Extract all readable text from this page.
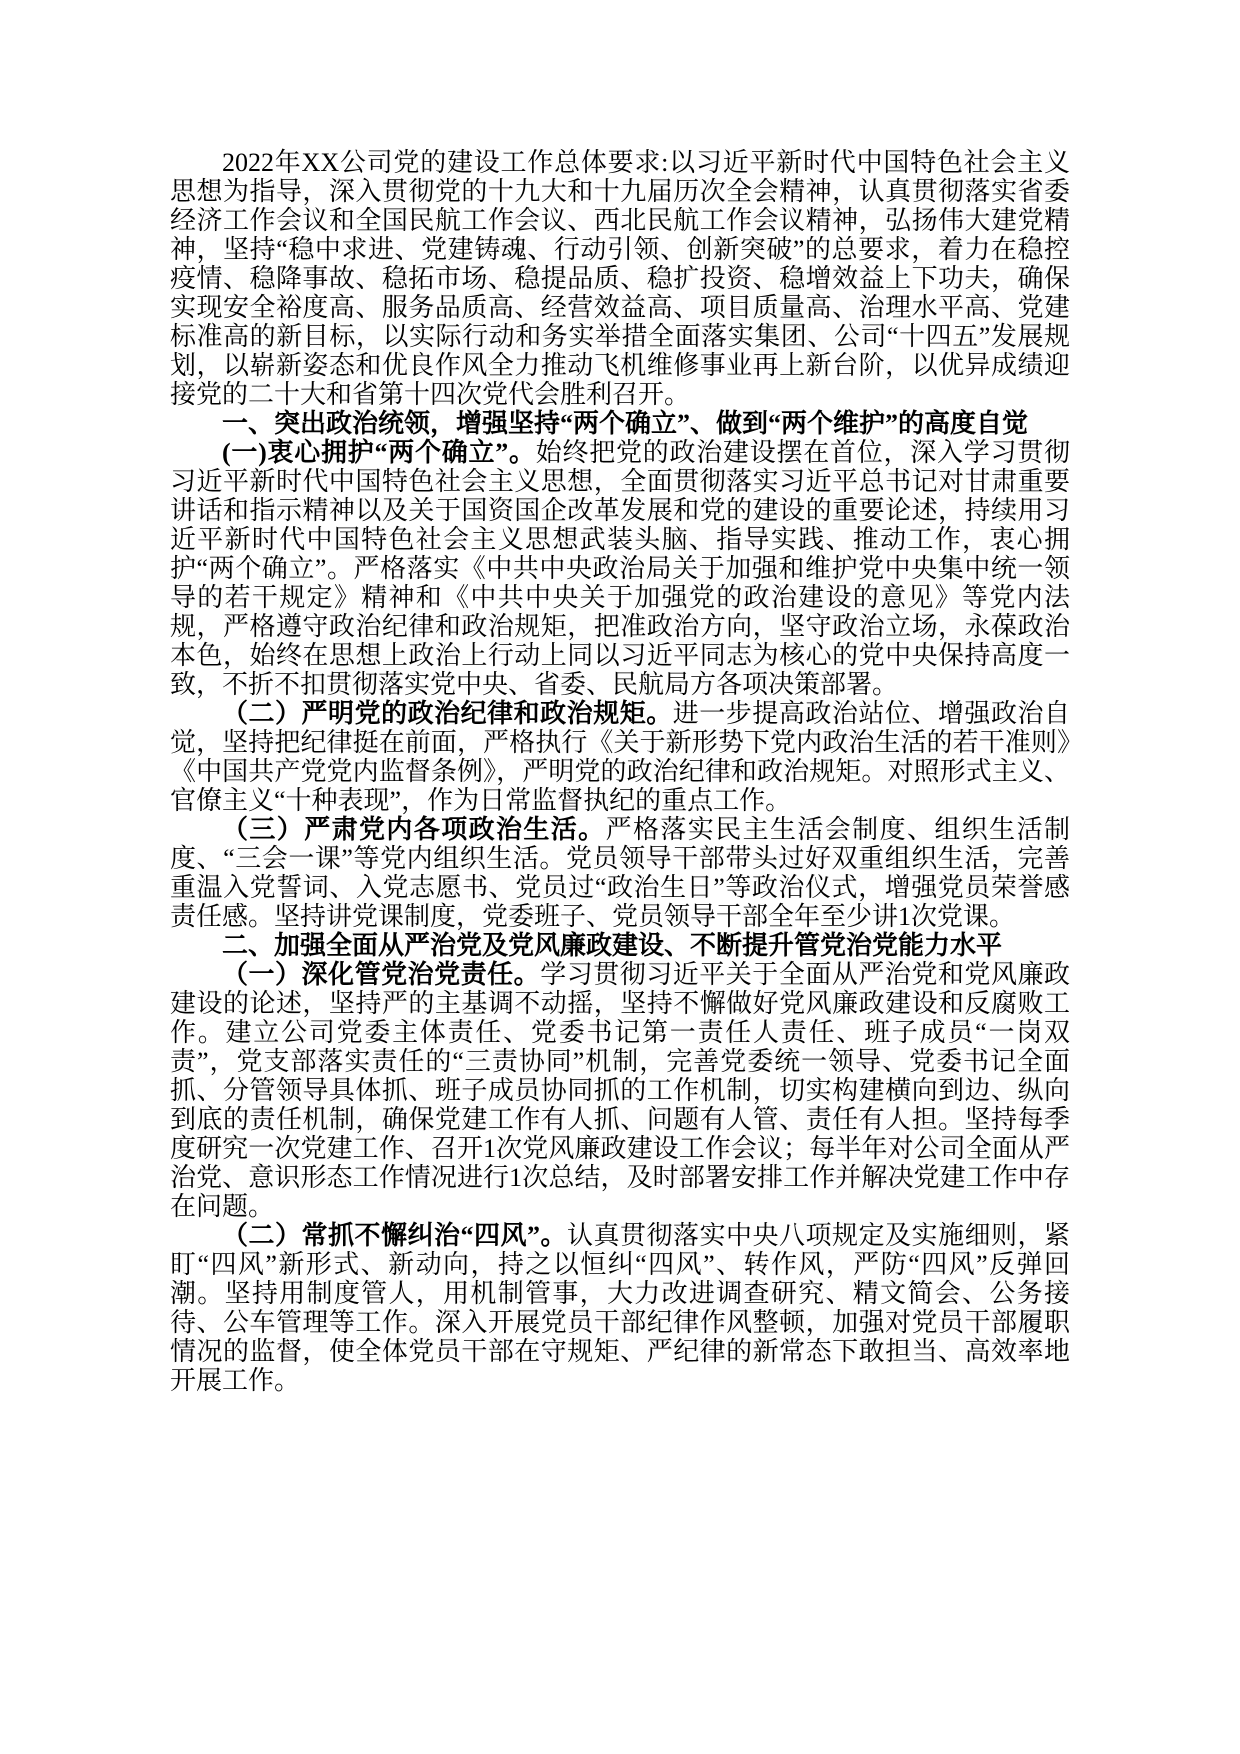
2022年XX公司党的建设工作总体要求:以习近平新时代中国特色社会主义思想为指导，深入贯彻党的十九大和十九届历次全会精神，认真贯彻落实省委经济工作会议和全国民航工作会议、西北民航工作会议精神，弘扬伟大建党精神，坚持“稳中求进、党建铸魂、行动引领、创新突破”的总要求，着力在稳控疫情、稳降事故、稳拓市场、稳提品质、稳扩投资、稳增效益上下功夫，确保实现安全裕度高、服务品质高、经营效益高、项目质量高、治理水平高、党建标准高的新目标，以实际行动和务实举措全面落实集团、公司“十四五”发展规划，以崭新姿态和优良作风全力推动飞机维修事业再上新台阶，以优异成绩迎接党的二十大和省第十四次党代会胜利召开。

一、突出政治统领，增强坚持“两个确立”、做到“两个维护”的高度自觉

(一)衷心拥护“两个确立”。始终把党的政治建设摆在首位，深入学习贯彻习近平新时代中国特色社会主义思想，全面贯彻落实习近平总书记对甘肃重要讲话和指示精神以及关于国资国企改革发展和党的建设的重要论述，持续用习近平新时代中国特色社会主义思想武装头脑、指导实践、推动工作，衷心拥护“两个确立”。严格落实《中共中央政治局关于加强和维护党中央集中统一领导的若干规定》精神和《中共中央关于加强党的政治建设的意见》等党内法规，严格遵守政治纪律和政治规矩，把准政治方向，坚守政治立场，永葆政治本色，始终在思想上政治上行动上同以习近平同志为核心的党中央保持高度一致，不折不扣贯彻落实党中央、省委、民航局方各项决策部署。

（二）严明党的政治纪律和政治规矩。进一步提高政治站位、增强政治自觉，坚持把纪律挺在前面，严格执行《关于新形势下党内政治生活的若干准则》《中国共产党党内监督条例》，严明党的政治纪律和政治规矩。对照形式主义、官僚主义“十种表现”，作为日常监督执纪的重点工作。

（三）严肃党内各项政治生活。严格落实民主生活会制度、组织生活制度、“三会一课”等党内组织生活。党员领导干部带头过好双重组织生活，完善重温入党誓词、入党志愿书、党员过“政治生日”等政治仪式，增强党员荣誉感责任感。坚持讲党课制度，党委班子、党员领导干部全年至少讲1次党课。

二、加强全面从严治党及党风廉政建设、不断提升管党治党能力水平

（一）深化管党治党责任。学习贯彻习近平关于全面从严治党和党风廉政建设的论述，坚持严的主基调不动摇，坚持不懈做好党风廉政建设和反腐败工作。建立公司党委主体责任、党委书记第一责任人责任、班子成员“一岗双责”，党支部落实责任的“三责协同”机制，完善党委统一领导、党委书记全面抓、分管领导具体抓、班子成员协同抓的工作机制，切实构建横向到边、纵向到底的责任机制，确保党建工作有人抓、问题有人管、责任有人担。坚持每季度研究一次党建工作、召开1次党风廉政建设工作会议；每半年对公司全面从严治党、意识形态工作情况进行1次总结，及时部署安排工作并解决党建工作中存在问题。

（二）常抓不懈纠治“四风”。认真贯彻落实中央八项规定及实施细则，紧盯“四风”新形式、新动向，持之以恒纠“四风”、转作风，严防“四风”反弹回潮。坚持用制度管人，用机制管事，大力改进调查研究、精文简会、公务接待、公车管理等工作。深入开展党员干部纪律作风整顿，加强对党员干部履职情况的监督，使全体党员干部在守规矩、严纪律的新常态下敢担当、高效率地开展工作。
